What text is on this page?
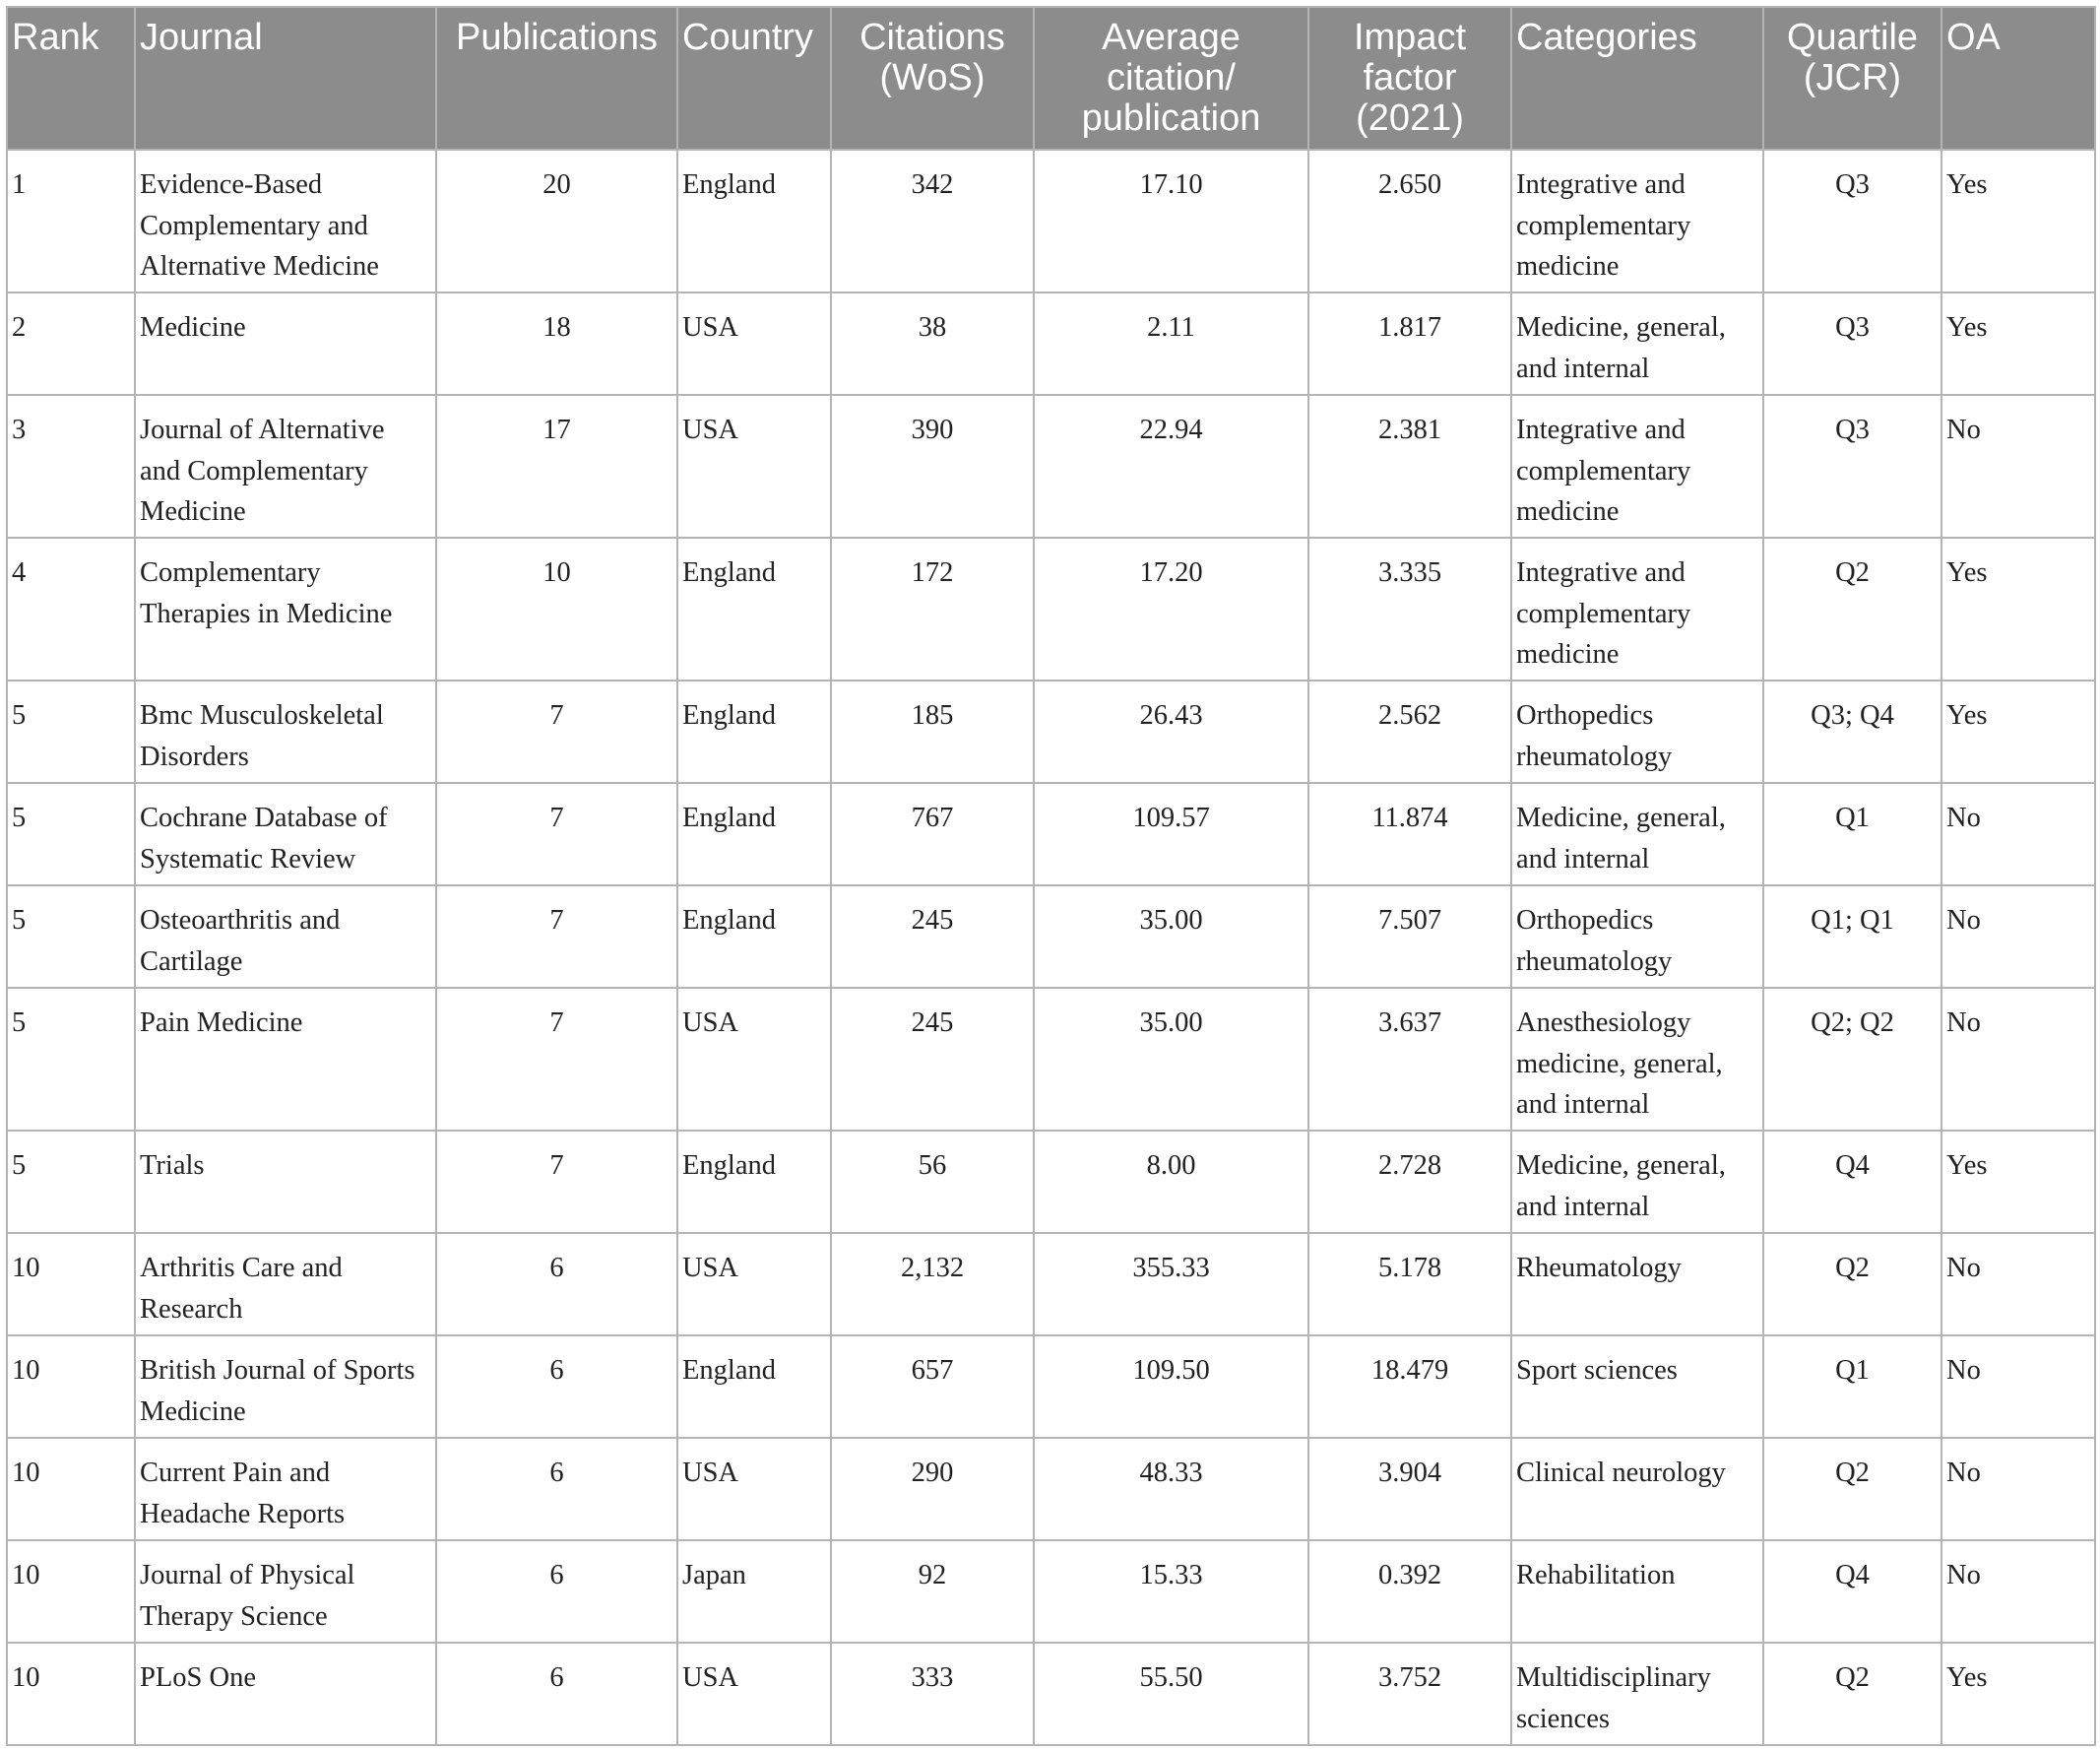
Rank	Journal	Publications	Country	Citations (WoS)	Average citation/ publication	Impact factor (2021)	Categories	Quartile (JCR)	OA
1	Evidence-Based Complementary and Alternative Medicine	20	England	342	17.10	2.650	Integrative and complementary medicine	Q3	Yes
2	Medicine	18	USA	38	2.11	1.817	Medicine, general, and internal	Q3	Yes
3	Journal of Alternative and Complementary Medicine	17	USA	390	22.94	2.381	Integrative and complementary medicine	Q3	No
4	Complementary Therapies in Medicine	10	England	172	17.20	3.335	Integrative and complementary medicine	Q2	Yes
5	Bmc Musculoskeletal Disorders	7	England	185	26.43	2.562	Orthopedics rheumatology	Q3; Q4	Yes
5	Cochrane Database of Systematic Review	7	England	767	109.57	11.874	Medicine, general, and internal	Q1	No
5	Osteoarthritis and Cartilage	7	England	245	35.00	7.507	Orthopedics rheumatology	Q1; Q1	No
5	Pain Medicine	7	USA	245	35.00	3.637	Anesthesiology medicine, general, and internal	Q2; Q2	No
5	Trials	7	England	56	8.00	2.728	Medicine, general, and internal	Q4	Yes
10	Arthritis Care and Research	6	USA	2,132	355.33	5.178	Rheumatology	Q2	No
10	British Journal of Sports Medicine	6	England	657	109.50	18.479	Sport sciences	Q1	No
10	Current Pain and Headache Reports	6	USA	290	48.33	3.904	Clinical neurology	Q2	No
10	Journal of Physical Therapy Science	6	Japan	92	15.33	0.392	Rehabilitation	Q4	No
10	PLoS One	6	USA	333	55.50	3.752	Multidisciplinary sciences	Q2	Yes
